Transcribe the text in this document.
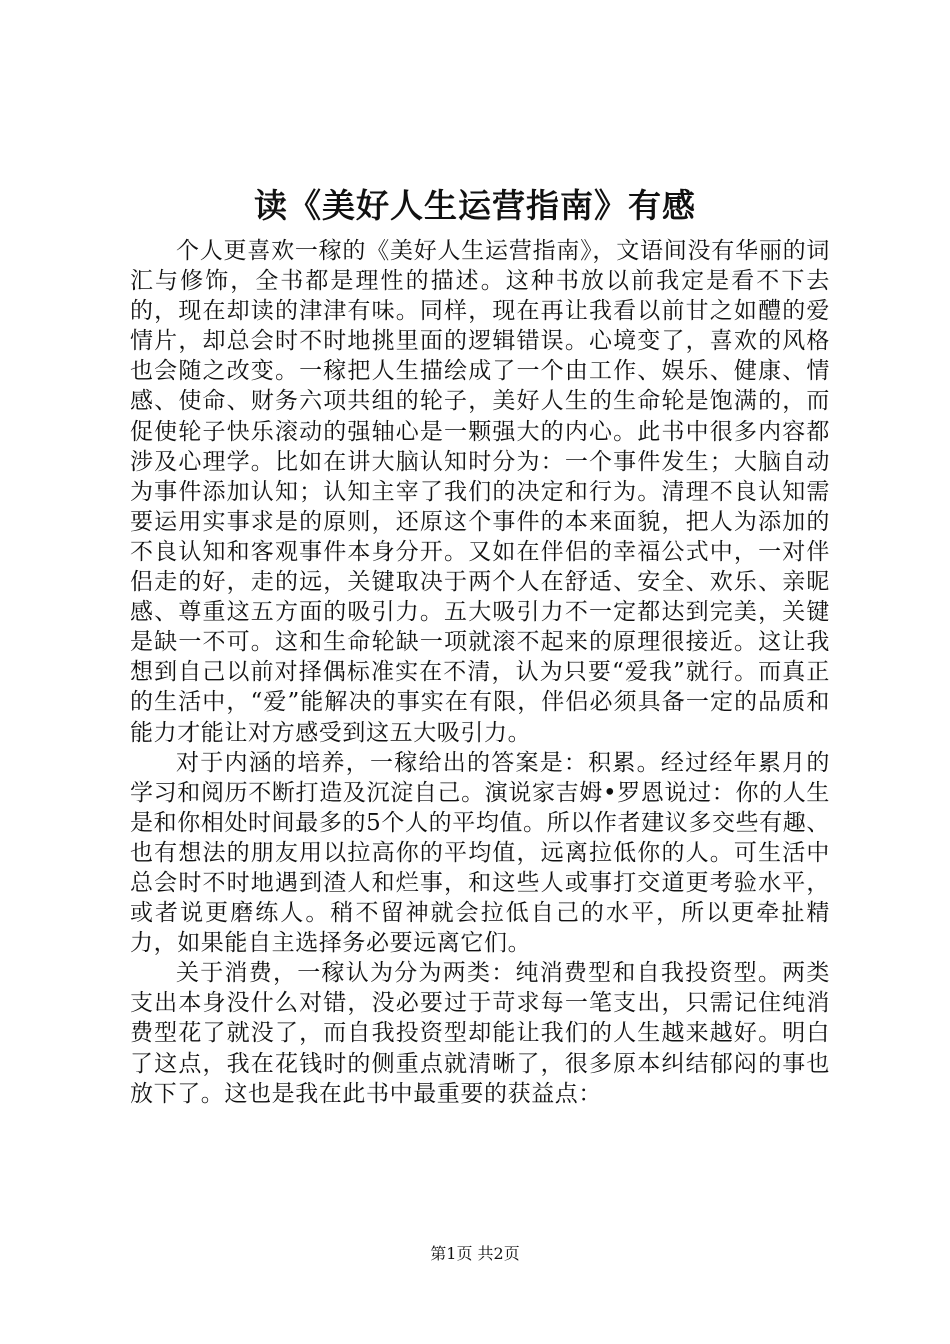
读《美好人生运营指南》有感

个人更喜欢一稼的《美好人生运营指南》，文语间没有华丽的词汇与修饰，全书都是理性的描述。这种书放以前我定是看不下去的，现在却读的津津有味。同样，现在再让我看以前甘之如醴的爱情片，却总会时不时地挑里面的逻辑错误。心境变了，喜欢的风格也会随之改变。一稼把人生描绘成了一个由工作、娱乐、健康、情感、使命、财务六项共组的轮子，美好人生的生命轮是饱满的，而促使轮子快乐滚动的强轴心是一颗强大的内心。此书中很多内容都涉及心理学。比如在讲大脑认知时分为：一个事件发生；大脑自动为事件添加认知；认知主宰了我们的决定和行为。清理不良认知需要运用实事求是的原则，还原这个事件的本来面貌，把人为添加的不良认知和客观事件本身分开。又如在伴侣的幸福公式中，一对伴侣走的好，走的远，关键取决于两个人在舒适、安全、欢乐、亲昵感、尊重这五方面的吸引力。五大吸引力不一定都达到完美，关键是缺一不可。这和生命轮缺一项就滚不起来的原理很接近。这让我想到自己以前对择偶标准实在不清，认为只要“爱我”就行。而真正的生活中，“爱”能解决的事实在有限，伴侣必须具备一定的品质和能力才能让对方感受到这五大吸引力。

对于内涵的培养，一稼给出的答案是：积累。经过经年累月的学习和阅历不断打造及沉淀自己。演说家吉姆•罗恩说过：你的人生是和你相处时间最多的5个人的平均值。所以作者建议多交些有趣、也有想法的朋友用以拉高你的平均值，远离拉低你的人。可生活中总会时不时地遇到渣人和烂事，和这些人或事打交道更考验水平，或者说更磨练人。稍不留神就会拉低自己的水平，所以更牵扯精力，如果能自主选择务必要远离它们。

关于消费，一稼认为分为两类：纯消费型和自我投资型。两类支出本身没什么对错，没必要过于苛求每一笔支出，只需记住纯消费型花了就没了，而自我投资型却能让我们的人生越来越好。明白了这点，我在花钱时的侧重点就清晰了，很多原本纠结郁闷的事也放下了。这也是我在此书中最重要的获益点：

第1页 共2页
